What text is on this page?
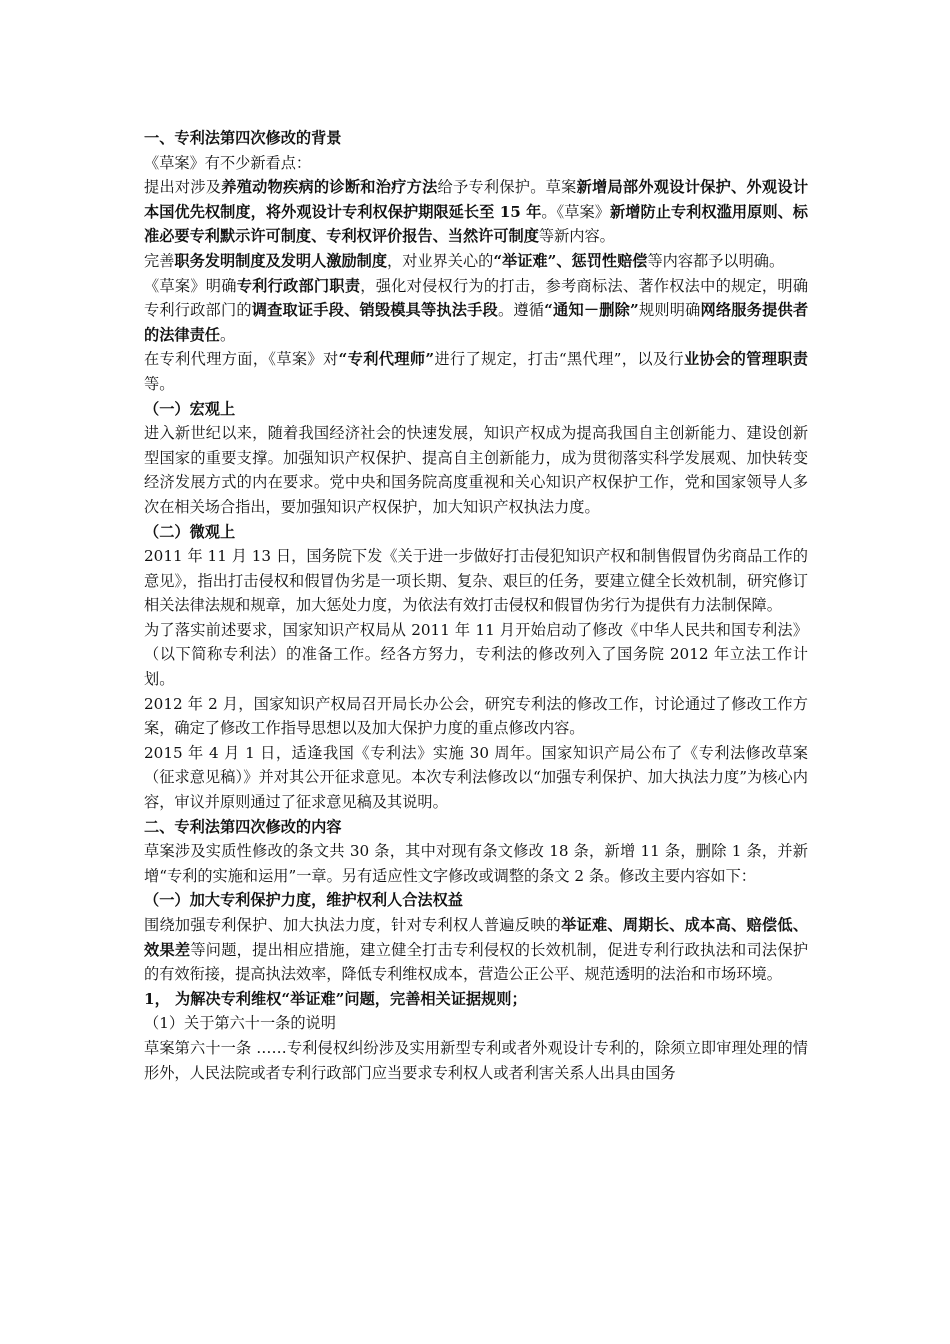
一、专利法第四次修改的背景

《草案》有不少新看点：

提出对涉及养殖动物疾病的诊断和治疗方法给予专利保护。草案新增局部外观设计保护、外观设计本国优先权制度，将外观设计专利权保护期限延长至 15 年。《草案》新增防止专利权滥用原则、标准必要专利默示许可制度、专利权评价报告、当然许可制度等新内容。

完善职务发明制度及发明人激励制度，对业界关心的“举证难”、惩罚性赔偿等内容都予以明确。

《草案》明确专利行政部门职责，强化对侵权行为的打击，参考商标法、著作权法中的规定，明确专利行政部门的调查取证手段、销毁模具等执法手段。遵循“通知－删除”规则明确网络服务提供者的法律责任。

在专利代理方面，《草案》对“专利代理师”进行了规定，打击“黑代理”，以及行业协会的管理职责等。

（一）宏观上

进入新世纪以来，随着我国经济社会的快速发展，知识产权成为提高我国自主创新能力、建设创新型国家的重要支撑。加强知识产权保护、提高自主创新能力，成为贯彻落实科学发展观、加快转变经济发展方式的内在要求。党中央和国务院高度重视和关心知识产权保护工作，党和国家领导人多次在相关场合指出，要加强知识产权保护，加大知识产权执法力度。

（二）微观上

2011 年 11 月 13 日，国务院下发《关于进一步做好打击侵犯知识产权和制售假冒伪劣商品工作的意见》，指出打击侵权和假冒伪劣是一项长期、复杂、艰巨的任务，要建立健全长效机制，研究修订相关法律法规和规章，加大惩处力度，为依法有效打击侵权和假冒伪劣行为提供有力法制保障。

为了落实前述要求，国家知识产权局从 2011 年 11 月开始启动了修改《中华人民共和国专利法》（以下简称专利法）的准备工作。经各方努力，专利法的修改列入了国务院 2012 年立法工作计划。

2012 年 2 月，国家知识产权局召开局长办公会，研究专利法的修改工作，讨论通过了修改工作方案，确定了修改工作指导思想以及加大保护力度的重点修改内容。

2015 年 4 月 1 日，适逢我国《专利法》实施 30 周年。国家知识产局公布了《专利法修改草案（征求意见稿）》并对其公开征求意见。本次专利法修改以“加强专利保护、加大执法力度”为核心内容，审议并原则通过了征求意见稿及其说明。

二、专利法第四次修改的内容

草案涉及实质性修改的条文共 30 条，其中对现有条文修改 18 条，新增 11 条，删除 1 条，并新增“专利的实施和运用”一章。另有适应性文字修改或调整的条文 2 条。修改主要内容如下：

（一）加大专利保护力度，维护权利人合法权益

围绕加强专利保护、加大执法力度，针对专利权人普遍反映的举证难、周期长、成本高、赔偿低、效果差等问题，提出相应措施，建立健全打击专利侵权的长效机制，促进专利行政执法和司法保护的有效衔接，提高执法效率，降低专利维权成本，营造公正公平、规范透明的法治和市场环境。

1， 为解决专利维权“举证难”问题，完善相关证据规则；

（1）关于第六十一条的说明

草案第六十一条 ……专利侵权纠纷涉及实用新型专利或者外观设计专利的，除须立即审理处理的情形外，人民法院或者专利行政部门应当要求专利权人或者利害关系人出具由国务
